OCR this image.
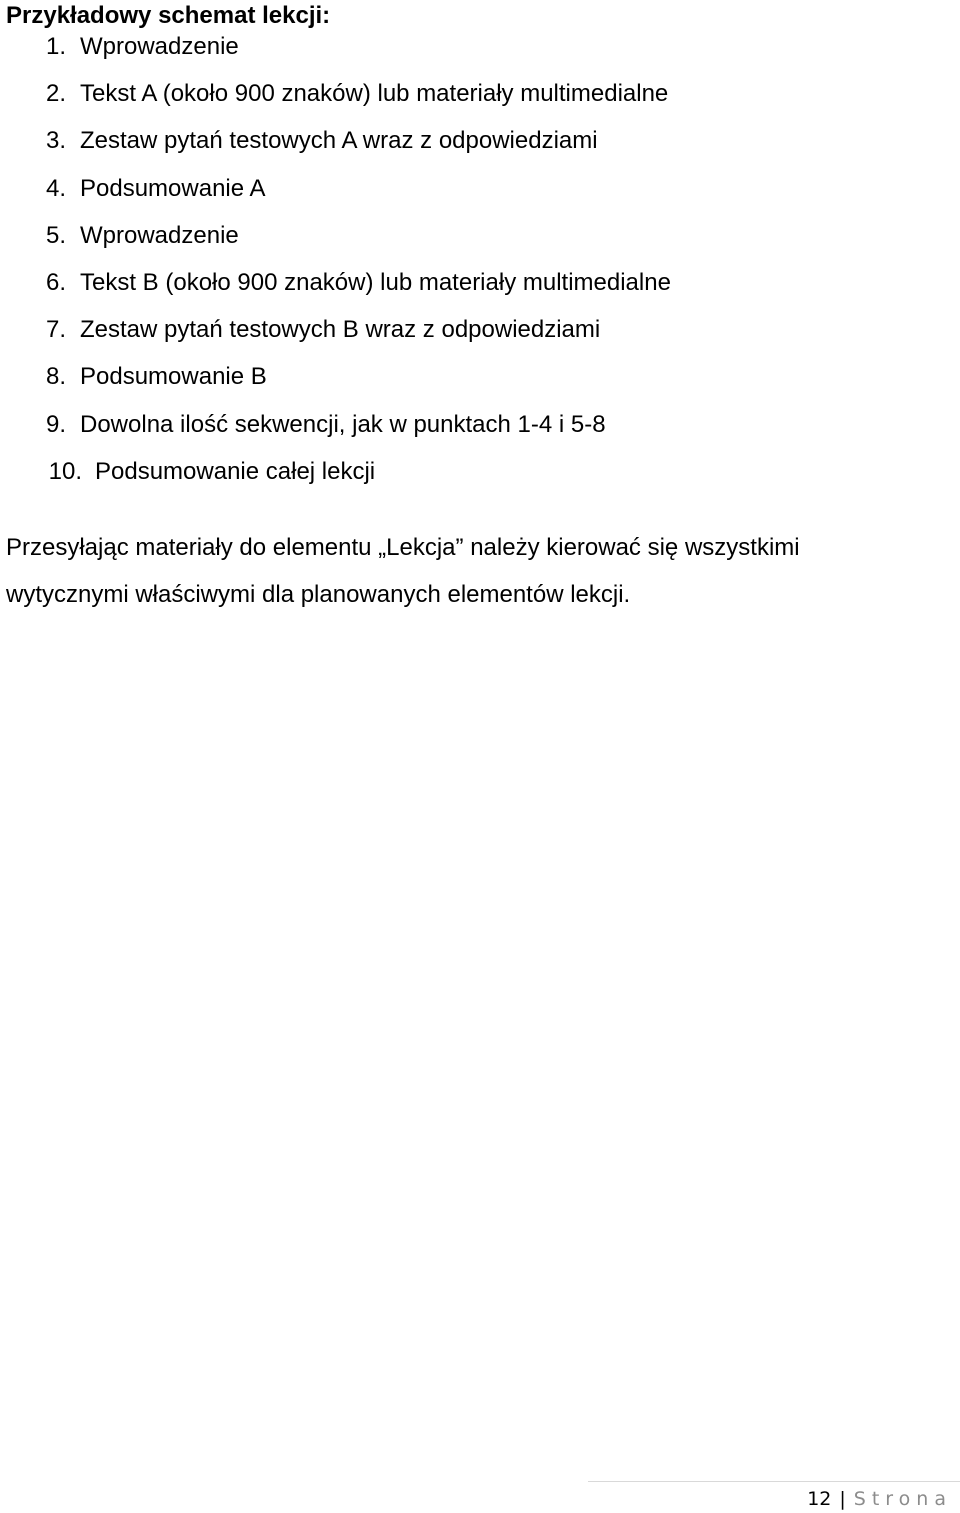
Przykładowy schemat lekcji:
1. Wprowadzenie
2. Tekst A (około 900 znaków) lub materiały multimedialne
3. Zestaw pytań testowych A wraz z odpowiedziami
4. Podsumowanie A
5. Wprowadzenie
6. Tekst B (około 900 znaków) lub materiały multimedialne
7. Zestaw pytań testowych B wraz z odpowiedziami
8. Podsumowanie B
9. Dowolna ilość sekwencji, jak w punktach 1-4 i 5-8
10. Podsumowanie całej lekcji

Przesyłając materiały do elementu „Lekcja” należy kierować się wszystkimi
wytycznymi właściwymi dla planowanych elementów lekcji.

12 | Strona
